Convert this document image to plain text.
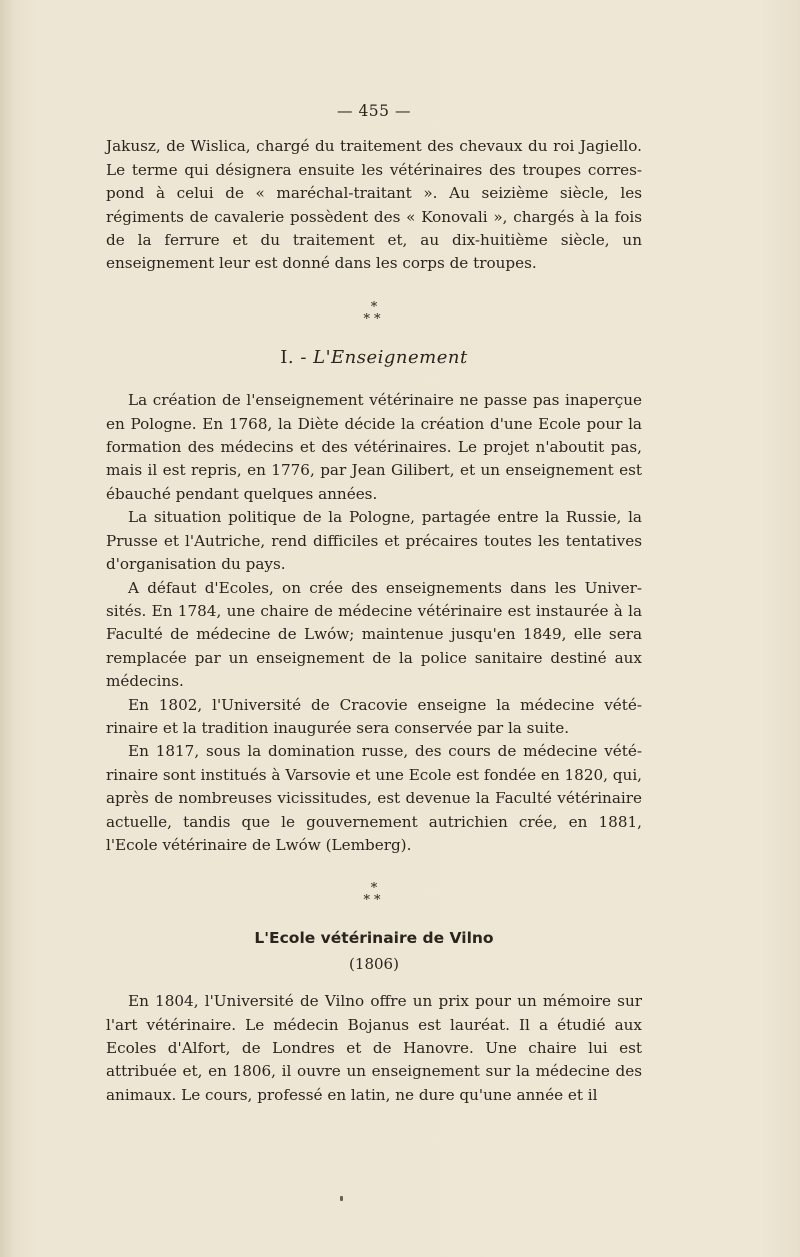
— 455 —

Jakusz, de Wislica, chargé du traitement des chevaux du roi Jagiello. Le terme qui désignera ensuite les vétérinaires des troupes correspond à celui de « maréchal-traitant ». Au seizième siècle, les régiments de cavalerie possèdent des « Konovali », chargés à la fois de la ferrure et du traitement et, au dix-huitième siècle, un enseignement leur est donné dans les corps de troupes.

*
**
I. - L'Enseignement

La création de l'enseignement vétérinaire ne passe pas inaperçue en Pologne. En 1768, la Diète décide la création d'une Ecole pour la formation des médecins et des vétérinaires. Le projet n'aboutit pas, mais il est repris, en 1776, par Jean Gilibert, et un enseignement est ébauché pendant quelques années.

La situation politique de la Pologne, partagée entre la Russie, la Prusse et l'Autriche, rend difficiles et précaires toutes les tentatives d'organisation du pays.

A défaut d'Ecoles, on crée des enseignements dans les Universités. En 1784, une chaire de médecine vétérinaire est instaurée à la Faculté de médecine de Lwów; maintenue jusqu'en 1849, elle sera remplacée par un enseignement de la police sanitaire destiné aux médecins.

En 1802, l'Université de Cracovie enseigne la médecine vétérinaire et la tradition inaugurée sera conservée par la suite.

En 1817, sous la domination russe, des cours de médecine vétérinaire sont institués à Varsovie et une Ecole est fondée en 1820, qui, après de nombreuses vicissitudes, est devenue la Faculté vétérinaire actuelle, tandis que le gouvernement autrichien crée, en 1881, l'Ecole vétérinaire de Lwów (Lemberg).

*
**
L'Ecole vétérinaire de Vilno
(1806)

En 1804, l'Université de Vilno offre un prix pour un mémoire sur l'art vétérinaire. Le médecin Bojanus est lauréat. Il a étudié aux Ecoles d'Alfort, de Londres et de Hanovre. Une chaire lui est attribuée et, en 1806, il ouvre un enseignement sur la médecine des animaux. Le cours, professé en latin, ne dure qu'une année et il
